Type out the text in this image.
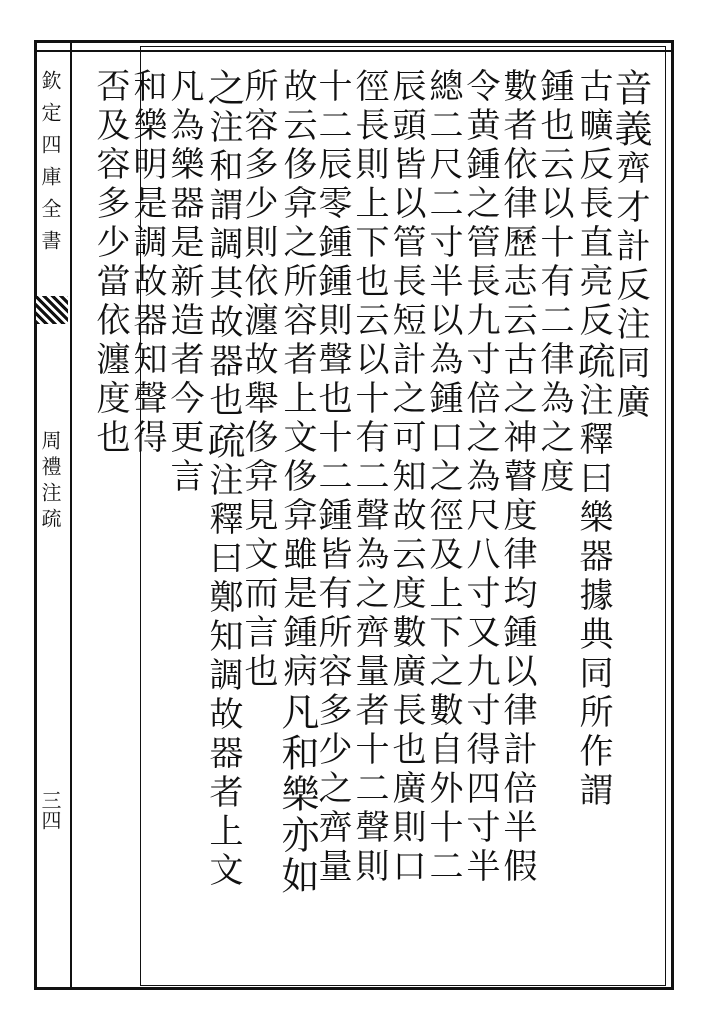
欽定四庫全書
周禮注疏
三四
音義齊才計反注同廣
古曠反長直亮反疏注釋曰樂器據典同所作謂
鍾也云以十有二律為之度
數者依律歷志云古之神瞽度律均鍾以律計倍半假
令黄鍾之管長九寸倍之為尺八寸又九寸得四寸半
總二尺二寸半以為鍾口之徑及上下之數自外十二
辰頭皆以管長短計之可知故云度數廣長也廣則口
徑長則上下也云以十有二聲為之齊量者十二聲則
十二辰零鍾鍾則聲也十二鍾皆有所容多少之齊量
故云侈弇之所容者上文侈弇雖是鍾病凡和樂亦如
所容多少則依瀍故舉侈弇見文而言也
之注和謂調其故器也疏注釋曰鄭知調故器者上文
凡為樂器是新造者今更言
和樂明是調故器知聲得
否及容多少當依瀍度也
